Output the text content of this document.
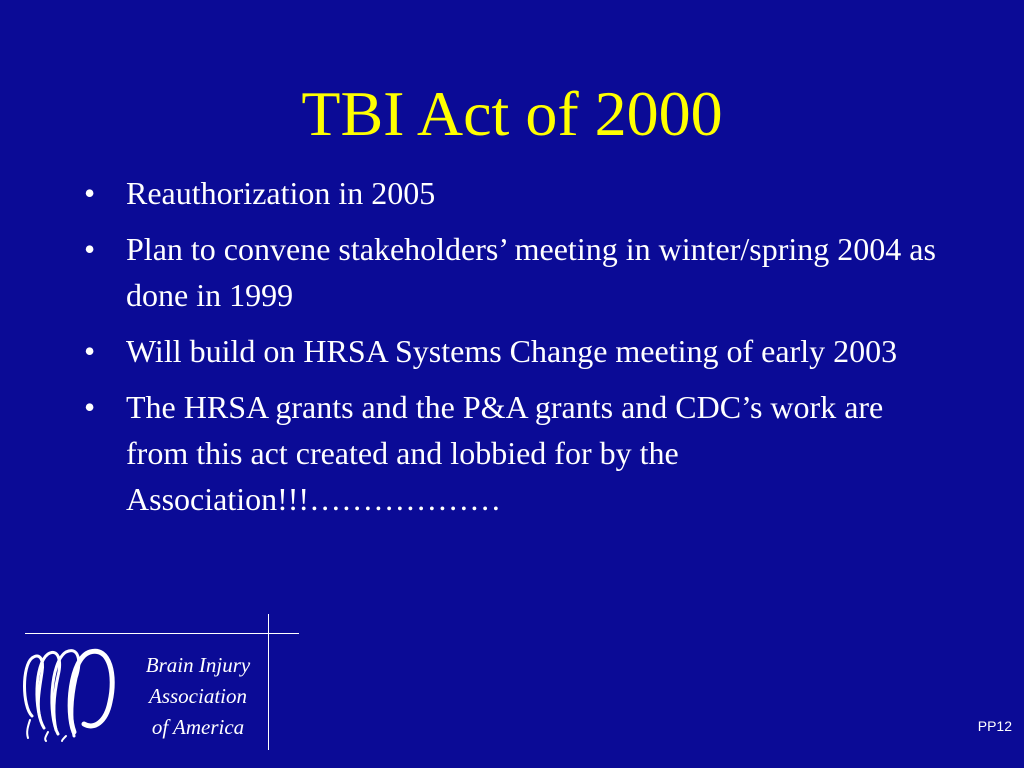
TBI Act of 2000
• Reauthorization in 2005
• Plan to convene stakeholders’ meeting in winter/spring 2004 as done in 1999
• Will build on HRSA Systems Change meeting of early 2003
• The HRSA grants and the P&A grants and CDC’s work are from this act created and lobbied for by the Association!!!………………
Brain Injury
Association
of America	PP12
